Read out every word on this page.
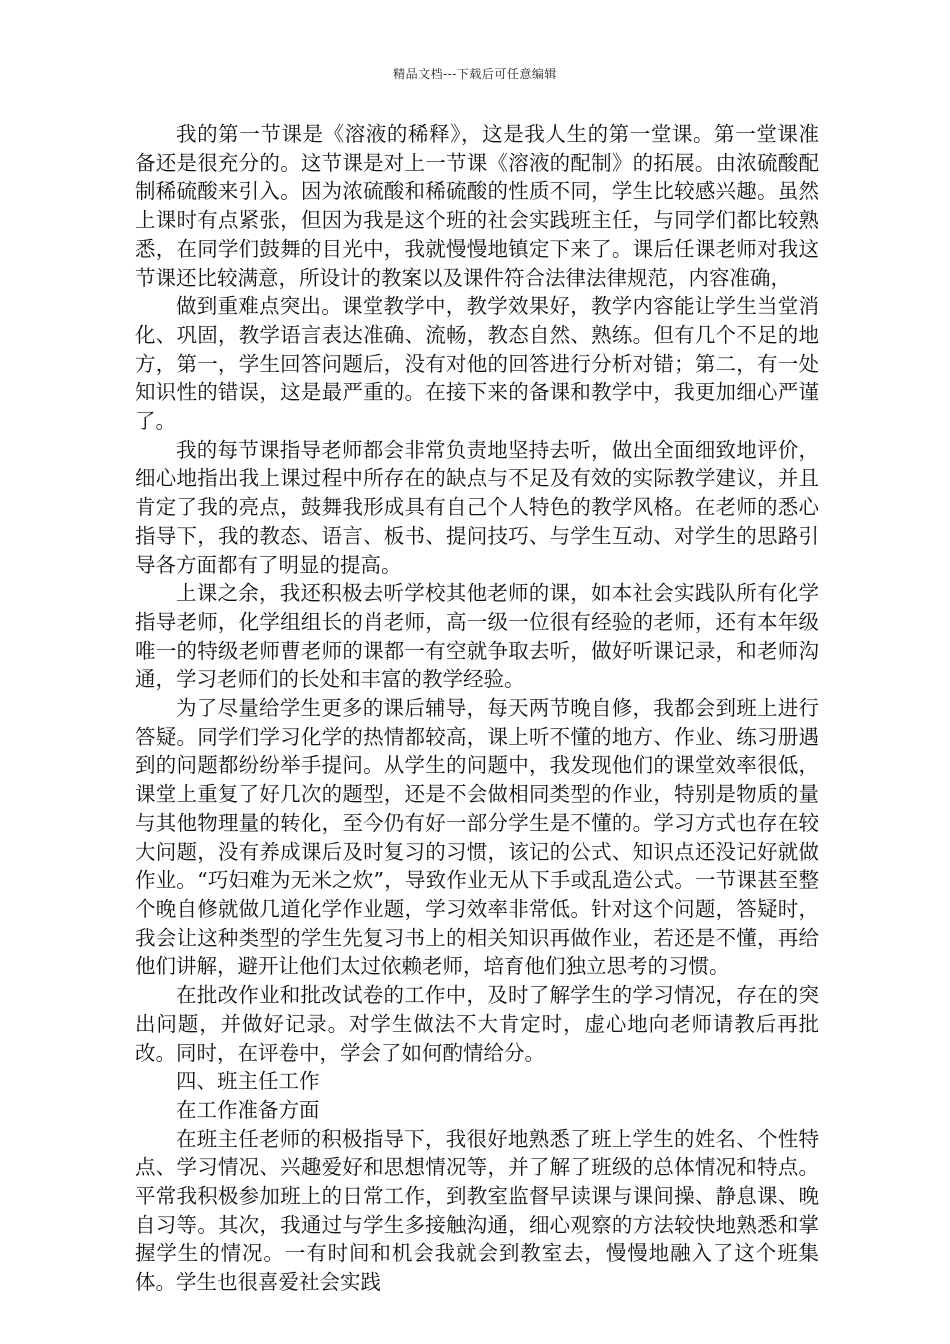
精品文档---下载后可任意编辑

我的第一节课是《溶液的稀释》，这是我人生的第一堂课。第一堂课准备还是很充分的。这节课是对上一节课《溶液的配制》的拓展。由浓硫酸配制稀硫酸来引入。因为浓硫酸和稀硫酸的性质不同，学生比较感兴趣。虽然上课时有点紧张，但因为我是这个班的社会实践班主任，与同学们都比较熟悉，在同学们鼓舞的目光中，我就慢慢地镇定下来了。课后任课老师对我这节课还比较满意，所设计的教案以及课件符合法律法律规范，内容准确，

做到重难点突出。课堂教学中，教学效果好，教学内容能让学生当堂消化、巩固，教学语言表达准确、流畅，教态自然、熟练。但有几个不足的地方，第一，学生回答问题后，没有对他的回答进行分析对错；第二，有一处知识性的错误，这是最严重的。在接下来的备课和教学中，我更加细心严谨了。

我的每节课指导老师都会非常负责地坚持去听，做出全面细致地评价，细心地指出我上课过程中所存在的缺点与不足及有效的实际教学建议，并且肯定了我的亮点，鼓舞我形成具有自己个人特色的教学风格。在老师的悉心指导下，我的教态、语言、板书、提问技巧、与学生互动、对学生的思路引导各方面都有了明显的提高。

上课之余，我还积极去听学校其他老师的课，如本社会实践队所有化学指导老师，化学组组长的肖老师，高一级一位很有经验的老师，还有本年级唯一的特级老师曹老师的课都一有空就争取去听，做好听课记录，和老师沟通，学习老师们的长处和丰富的教学经验。

为了尽量给学生更多的课后辅导，每天两节晚自修，我都会到班上进行答疑。同学们学习化学的热情都较高，课上听不懂的地方、作业、练习册遇到的问题都纷纷举手提问。从学生的问题中，我发现他们的课堂效率很低，课堂上重复了好几次的题型，还是不会做相同类型的作业，特别是物质的量与其他物理量的转化，至今仍有好一部分学生是不懂的。学习方式也存在较大问题，没有养成课后及时复习的习惯，该记的公式、知识点还没记好就做作业。“巧妇难为无米之炊”，导致作业无从下手或乱造公式。一节课甚至整个晚自修就做几道化学作业题，学习效率非常低。针对这个问题，答疑时，我会让这种类型的学生先复习书上的相关知识再做作业，若还是不懂，再给他们讲解，避开让他们太过依赖老师，培育他们独立思考的习惯。

在批改作业和批改试卷的工作中，及时了解学生的学习情况，存在的突出问题，并做好记录。对学生做法不大肯定时，虚心地向老师请教后再批改。同时，在评卷中，学会了如何酌情给分。

四、班主任工作

在工作准备方面

在班主任老师的积极指导下，我很好地熟悉了班上学生的姓名、个性特点、学习情况、兴趣爱好和思想情况等，并了解了班级的总体情况和特点。平常我积极参加班上的日常工作，到教室监督早读课与课间操、静息课、晚自习等。其次，我通过与学生多接触沟通，细心观察的方法较快地熟悉和掌握学生的情况。一有时间和机会我就会到教室去，慢慢地融入了这个班集体。学生也很喜爱社会实践
